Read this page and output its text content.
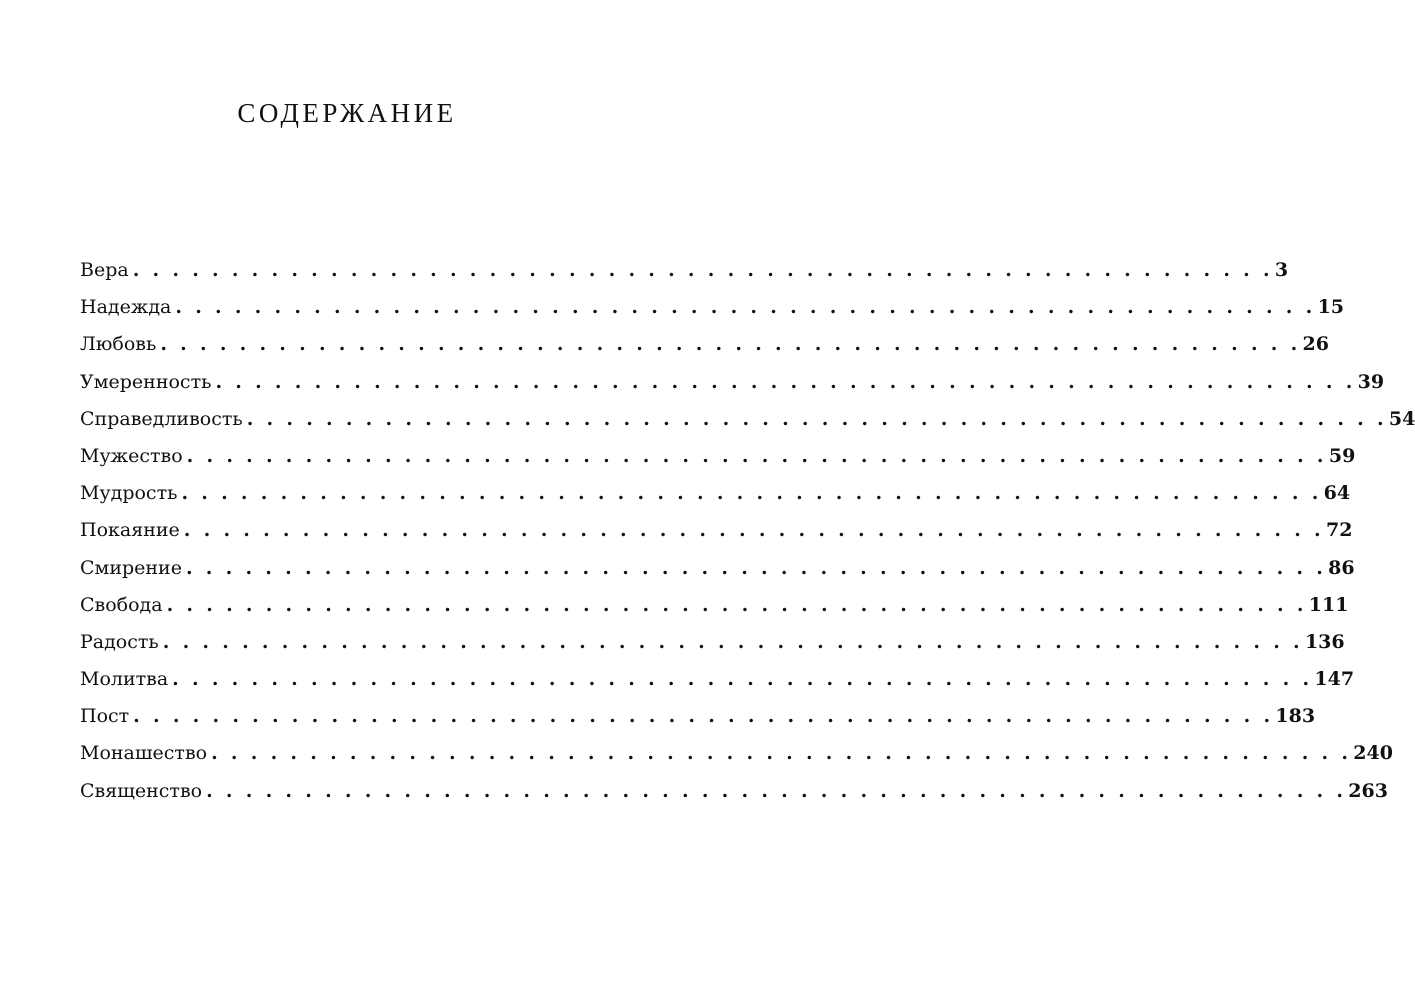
СОДЕРЖАНИЕ
Вера . . . . . . . . . . . . . . . . . . . . . . . . . . . . . . . . . . . . . . . . . . . . . . . . . . . . . . . . . . 3
Надежда . . . . . . . . . . . . . . . . . . . . . . . . . . . . . . . . . . . . . . . . . . . . . . . . . . . . . . . . . . 15
Любовь . . . . . . . . . . . . . . . . . . . . . . . . . . . . . . . . . . . . . . . . . . . . . . . . . . . . . . . . . . 26
Умеренность . . . . . . . . . . . . . . . . . . . . . . . . . . . . . . . . . . . . . . . . . . . . . . . . . . . . . . . . . . 39
Справедливость . . . . . . . . . . . . . . . . . . . . . . . . . . . . . . . . . . . . . . . . . . . . . . . . . . . . . . . . . . 54
Мужество . . . . . . . . . . . . . . . . . . . . . . . . . . . . . . . . . . . . . . . . . . . . . . . . . . . . . . . . . . 59
Мудрость . . . . . . . . . . . . . . . . . . . . . . . . . . . . . . . . . . . . . . . . . . . . . . . . . . . . . . . . . . 64
Покаяние . . . . . . . . . . . . . . . . . . . . . . . . . . . . . . . . . . . . . . . . . . . . . . . . . . . . . . . . . . 72
Смирение . . . . . . . . . . . . . . . . . . . . . . . . . . . . . . . . . . . . . . . . . . . . . . . . . . . . . . . . . . 86
Свобода . . . . . . . . . . . . . . . . . . . . . . . . . . . . . . . . . . . . . . . . . . . . . . . . . . . . . . . . . . 111
Радость . . . . . . . . . . . . . . . . . . . . . . . . . . . . . . . . . . . . . . . . . . . . . . . . . . . . . . . . . . 136
Молитва . . . . . . . . . . . . . . . . . . . . . . . . . . . . . . . . . . . . . . . . . . . . . . . . . . . . . . . . . . 147
Пост . . . . . . . . . . . . . . . . . . . . . . . . . . . . . . . . . . . . . . . . . . . . . . . . . . . . . . . . . . 183
Монашество . . . . . . . . . . . . . . . . . . . . . . . . . . . . . . . . . . . . . . . . . . . . . . . . . . . . . . . . . . 240
Священство . . . . . . . . . . . . . . . . . . . . . . . . . . . . . . . . . . . . . . . . . . . . . . . . . . . . . . . . . . 263
